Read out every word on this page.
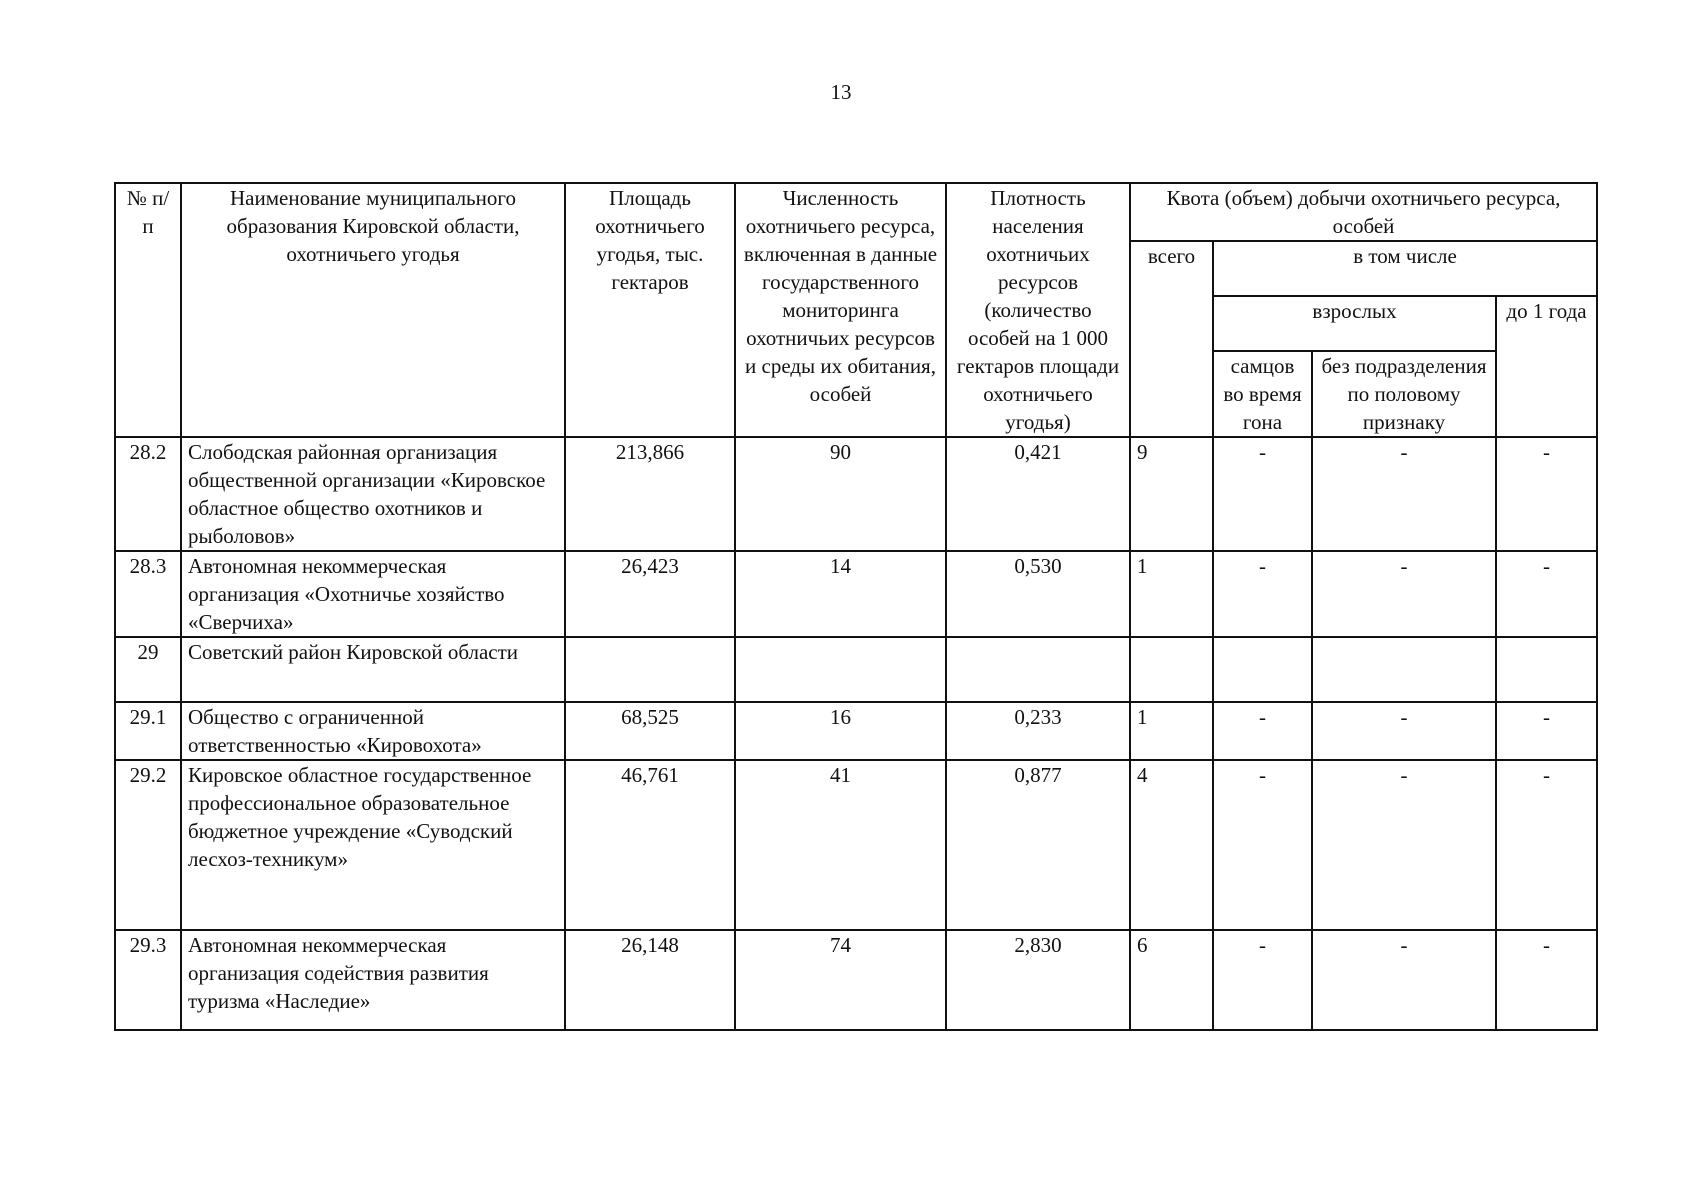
13
№ п/п	Наименование муниципального образования Кировской области, охотничьего угодья	Площадь охотничьего угодья, тыс. гектаров	Численность охотничьего ресурса, включенная в данные государственного мониторинга охотничьих ресурсов и среды их обитания, особей	Плотность населения охотничьих ресурсов (количество особей на 1 000 гектаров площади охотничьего угодья)	Квота (объем) добычи охотничьего ресурса, особей			
					всего	в том числе		
						взрослых		до 1 года
						самцов во время гона	без подразделения по половому признаку	
28.2	Слободская районная организация общественной организации «Кировское областное общество охотников и рыболовов»	213,866	90	0,421	9	-	-	-
28.3	Автономная некоммерческая организация «Охотничье хозяйство «Сверчиха»	26,423	14	0,530	1	-	-	-
29	Советский район Кировской области							
29.1	Общество с ограниченной ответственностью «Кировохота»	68,525	16	0,233	1	-	-	-
29.2	Кировское областное государственное профессиональное образовательное бюджетное учреждение «Суводский лесхоз-техникум»	46,761	41	0,877	4	-	-	-
29.3	Автономная некоммерческая организация содействия развития туризма «Наследие»	26,148	74	2,830	6	-	-	-
